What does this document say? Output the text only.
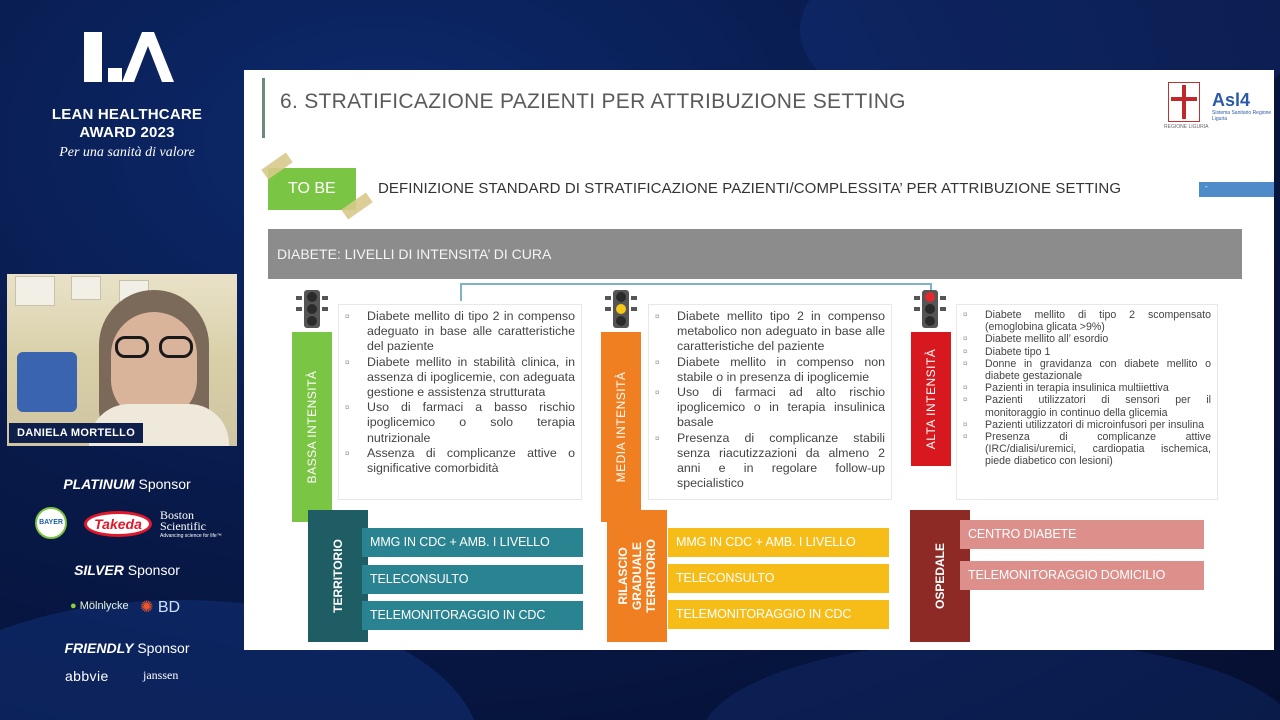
LEAN HEALTHCARE
AWARD 2023
Per una sanità di valore
DANIELA MORTELLO
PLATINUM Sponsor
BAYER	Takeda
Boston Scientific
Advancing science for life™
SILVER Sponsor
● Mölnlycke ✺ BD
FRIENDLY Sponsor
abbvie	janssen
6. STRATIFICAZIONE PAZIENTI PER ATTRIBUZIONE SETTING
REGIONE LIGURIA
Asl4
Sistema Sanitario Regione Liguria
TO BE	DEFINIZIONE STANDARD DI STRATIFICAZIONE PAZIENTI/COMPLESSITA’ PER ATTRIBUZIONE SETTING	-
DIABETE: LIVELLI DI INTENSITA’ DI CURA
BASSA INTENSITÀ
¤ Diabete mellito di tipo 2 in compenso adeguato in base alle caratteristiche del paziente
¤ Diabete mellito in stabilità clinica, in assenza di ipoglicemie, con adeguata gestione e assistenza strutturata
¤ Uso di farmaci a basso rischio ipoglicemico o solo terapia nutrizionale
¤ Assenza di complicanze attive o significative comorbidità	MEDIA INTENSITÀ
¤ Diabete mellito tipo 2 in compenso metabolico non adeguato in base alle caratteristiche del paziente
¤ Diabete mellito in compenso non stabile o in presenza di ipoglicemie
¤ Uso di farmaci ad alto rischio ipoglicemico o in terapia insulinica basale
¤ Presenza di complicanze stabili senza riacutizzazioni da almeno 2 anni e in regolare follow-up specialistico
ALTA INTENSITÀ
¤ Diabete mellito di tipo 2 scompensato (emoglobina glicata >9%)
¤ Diabete mellito all’ esordio
¤ Diabete tipo 1
¤ Donne in gravidanza con diabete mellito o diabete gestazionale
¤ Pazienti in terapia insulinica multiiettiva
¤ Pazienti utilizzatori di sensori per il monitoraggio in continuo della glicemia
¤ Pazienti utilizzatori di microinfusori per insulina
¤ Presenza di complicanze attive (IRC/dialisi/uremici, cardiopatia ischemica, piede diabetico con lesioni)
TERRITORIO	MMG IN CDC + AMB. I LIVELLO
TELECONSULTO
TELEMONITORAGGIO IN CDC
RILASCIO GRADUALE TERRITORIO	MMG IN CDC + AMB. I LIVELLO
TELECONSULTO
TELEMONITORAGGIO IN CDC
OSPEDALE
CENTRO DIABETE
TELEMONITORAGGIO DOMICILIO
